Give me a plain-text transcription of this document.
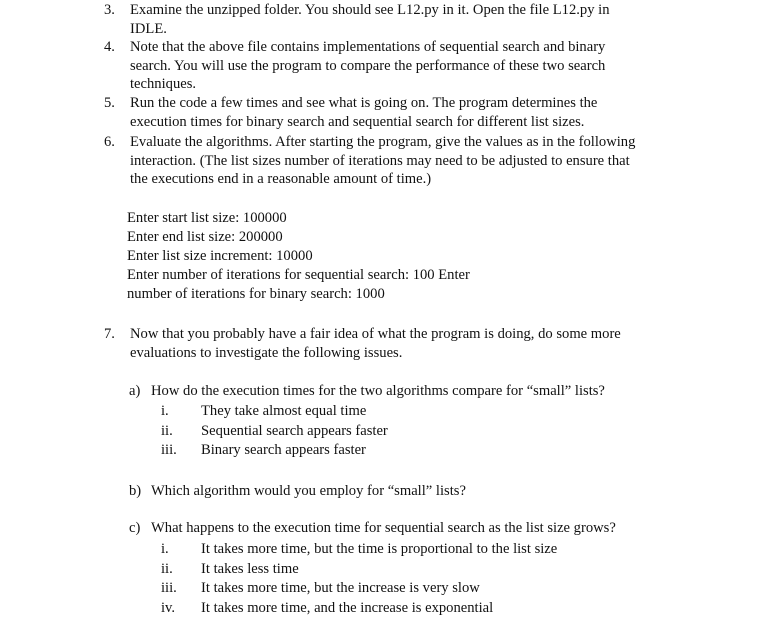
3. Examine the unzipped folder. You should see L12.py in it. Open the file L12.py in
IDLE.
4. Note that the above file contains implementations of sequential search and binary
search. You will use the program to compare the performance of these two search
techniques.
5. Run the code a few times and see what is going on. The program determines the
execution times for binary search and sequential search for different list sizes.
6. Evaluate the algorithms. After starting the program, give the values as in the following
interaction. (The list sizes number of iterations may need to be adjusted to ensure that
the executions end in a reasonable amount of time.)
Enter start list size: 100000
Enter end list size: 200000
Enter list size increment: 10000
Enter number of iterations for sequential search: 100 Enter
number of iterations for binary search: 1000
7. Now that you probably have a fair idea of what the program is doing, do some more
evaluations to investigate the following issues.
a) How do the execution times for the two algorithms compare for “small” lists?
i.	They take almost equal time
ii.	Sequential search appears faster
iii.	Binary search appears faster
b) Which algorithm would you employ for “small” lists?
c) What happens to the execution time for sequential search as the list size grows?
i.	It takes more time, but the time is proportional to the list size
ii.	It takes less time
iii.	It takes more time, but the increase is very slow
iv.	It takes more time, and the increase is exponential
